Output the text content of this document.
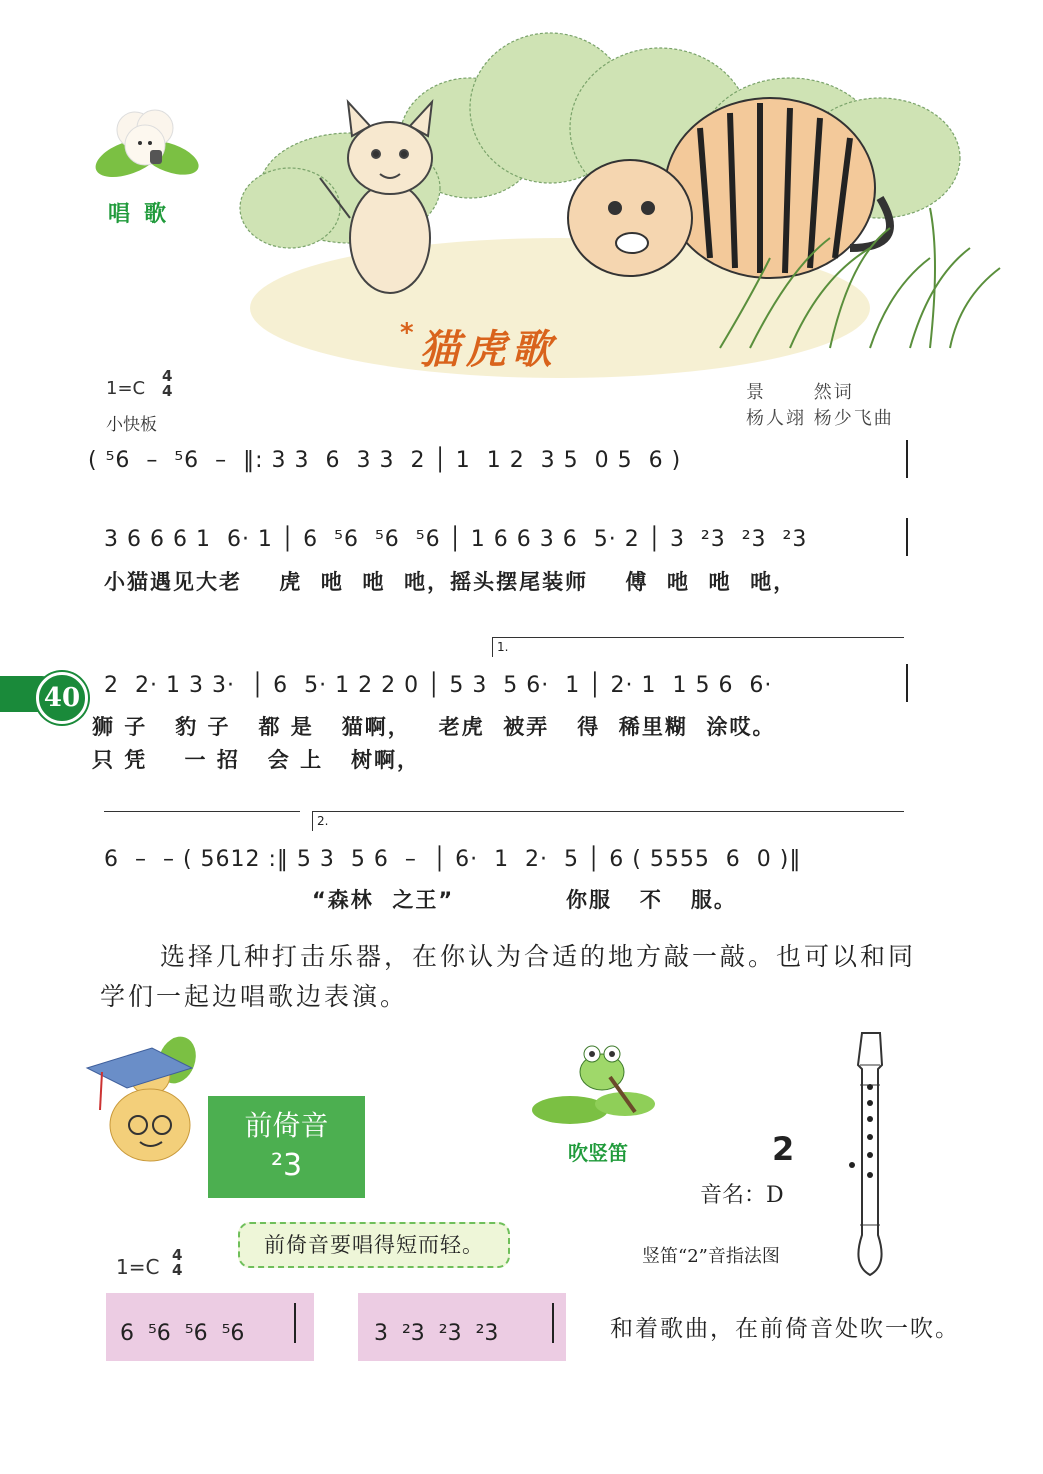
唱歌
*猫虎歌
1=C
4
4
小快板
景 　　然词
杨人翊 杨少飞曲
( ⁵6  –  ⁵6  –  ‖: 3 3  6  3 3  2 │ 1  1 2  3 5  0 5  6 )
3 6 6 6 1  6· 1 │ 6  ⁵6  ⁵6  ⁵6 │ 1 6 6 3 6  5· 2 │ 3  ²3  ²3  ²3
小猫遇见大老    虎  吔  吔  吔，摇头摆尾装师    傅  吔  吔  吔，
1.
2  2· 1 3 3·  │ 6  5· 1 2 2 0 │ 5 3  5 6·  1 │ 2· 1  1 5 6  6·
狮 子   豹 子   都 是   猫啊，   老虎  被弄   得  稀里糊  涂哎。
只 凭    一 招   会 上   树啊，
40
2.
6  –  – ( 5612 :‖ 5 3  5 6  –  │ 6·  1  2·  5 │ 6 ( 5555  6  0 )‖
“森林  之王”            你服   不   服。
选择几种打击乐器，在你认为合适的地方敲一敲。也可以和同
学们一起边唱歌边表演。
前倚音
²3
前倚音要唱得短而轻。
1=C 4
4
6  ⁵6  ⁵6  ⁵6	3  ²3  ²3  ²3
吹竖笛	2
音名：D
竖笛“2”音指法图
和着歌曲，在前倚音处吹一吹。
